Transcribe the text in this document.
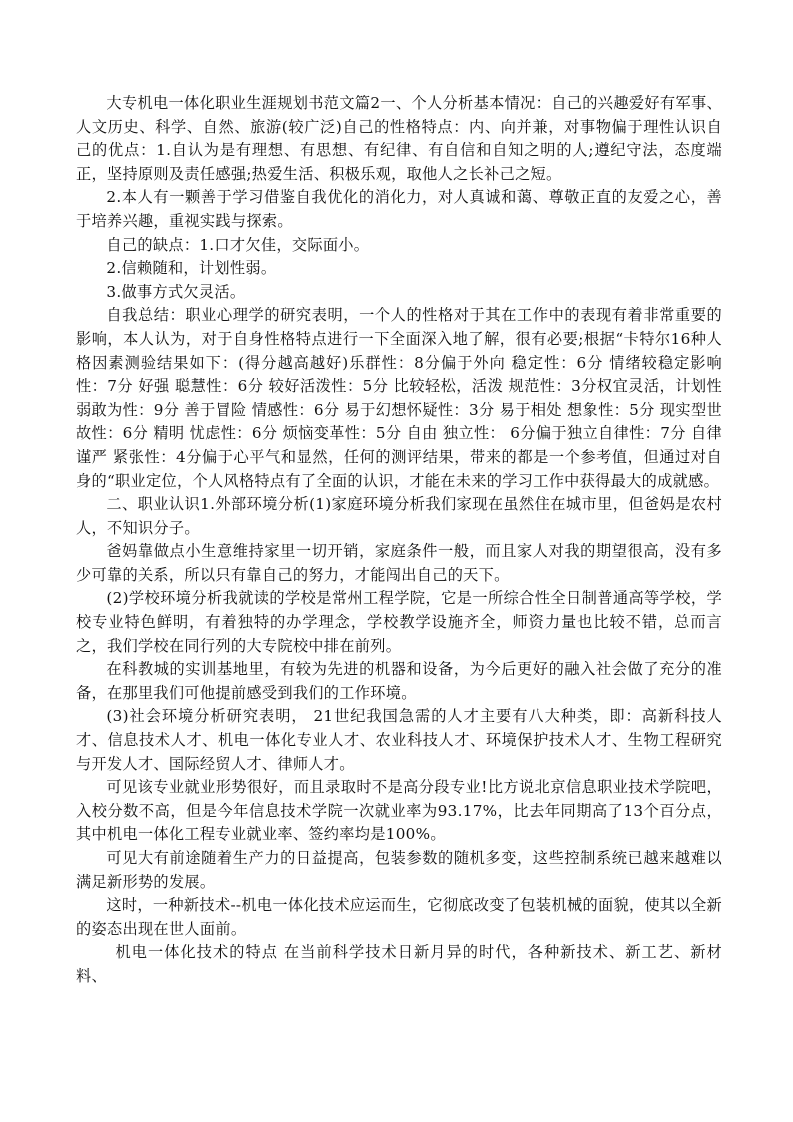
大专机电一体化职业生涯规划书范文篇2一、个人分析基本情况：自己的兴趣爱好有军事、人文历史、科学、自然、旅游(较广泛)自己的性格特点：内、向并兼，对事物偏于理性认识自己的优点：1.自认为是有理想、有思想、有纪律、有自信和自知之明的人;遵纪守法，态度端正，坚持原则及责任感强;热爱生活、积极乐观，取他人之长补己之短。

2.本人有一颗善于学习借鉴自我优化的消化力，对人真诚和蔼、尊敬正直的友爱之心，善于培养兴趣，重视实践与探索。

自己的缺点：1.口才欠佳，交际面小。

2.信赖随和，计划性弱。

3.做事方式欠灵活。

自我总结：职业心理学的研究表明，一个人的性格对于其在工作中的表现有着非常重要的影响，本人认为，对于自身性格特点进行一下全面深入地了解，很有必要;根据“卡特尔16种人格因素测验结果如下：(得分越高越好)乐群性：8分偏于外向 稳定性：6分 情绪较稳定影响性：7分 好强 聪慧性：6分 较好活泼性：5分 比较轻松，活泼 规范性：3分权宜灵活，计划性弱敢为性：9分 善于冒险 情感性：6分 易于幻想怀疑性：3分 易于相处 想象性：5分 现实型世故性：6分 精明 忧虑性：6分 烦恼变革性：5分 自由 独立性： 6分偏于独立自律性：7分 自律谨严 紧张性：4分偏于心平气和显然，任何的测评结果，带来的都是一个参考值，但通过对自身的“职业定位，个人风格特点有了全面的认识，才能在未来的学习工作中获得最大的成就感。

二、职业认识1.外部环境分析(1)家庭环境分析我们家现在虽然住在城市里，但爸妈是农村人，不知识分子。

爸妈靠做点小生意维持家里一切开销，家庭条件一般，而且家人对我的期望很高，没有多少可靠的关系，所以只有靠自己的努力，才能闯出自己的天下。

(2)学校环境分析我就读的学校是常州工程学院，它是一所综合性全日制普通高等学校，学校专业特色鲜明，有着独特的办学理念，学校教学设施齐全，师资力量也比较不错，总而言之，我们学校在同行列的大专院校中排在前列。

在科教城的实训基地里，有较为先进的机器和设备，为今后更好的融入社会做了充分的准备，在那里我们可他提前感受到我们的工作环境。

(3)社会环境分析研究表明， 21世纪我国急需的人才主要有八大种类，即：高新科技人才、信息技术人才、机电一体化专业人才、农业科技人才、环境保护技术人才、生物工程研究与开发人才、国际经贸人才、律师人才。

可见该专业就业形势很好，而且录取时不是高分段专业!比方说北京信息职业技术学院吧，入校分数不高，但是今年信息技术学院一次就业率为93.17%，比去年同期高了13个百分点，其中机电一体化工程专业就业率、签约率均是100%。

可见大有前途随着生产力的日益提高，包装参数的随机多变，这些控制系统已越来越难以满足新形势的发展。

这时，一种新技术--机电一体化技术应运而生，它彻底改变了包装机械的面貌，使其以全新的姿态出现在世人面前。

机电一体化技术的特点 在当前科学技术日新月异的时代，各种新技术、新工艺、新材料、
